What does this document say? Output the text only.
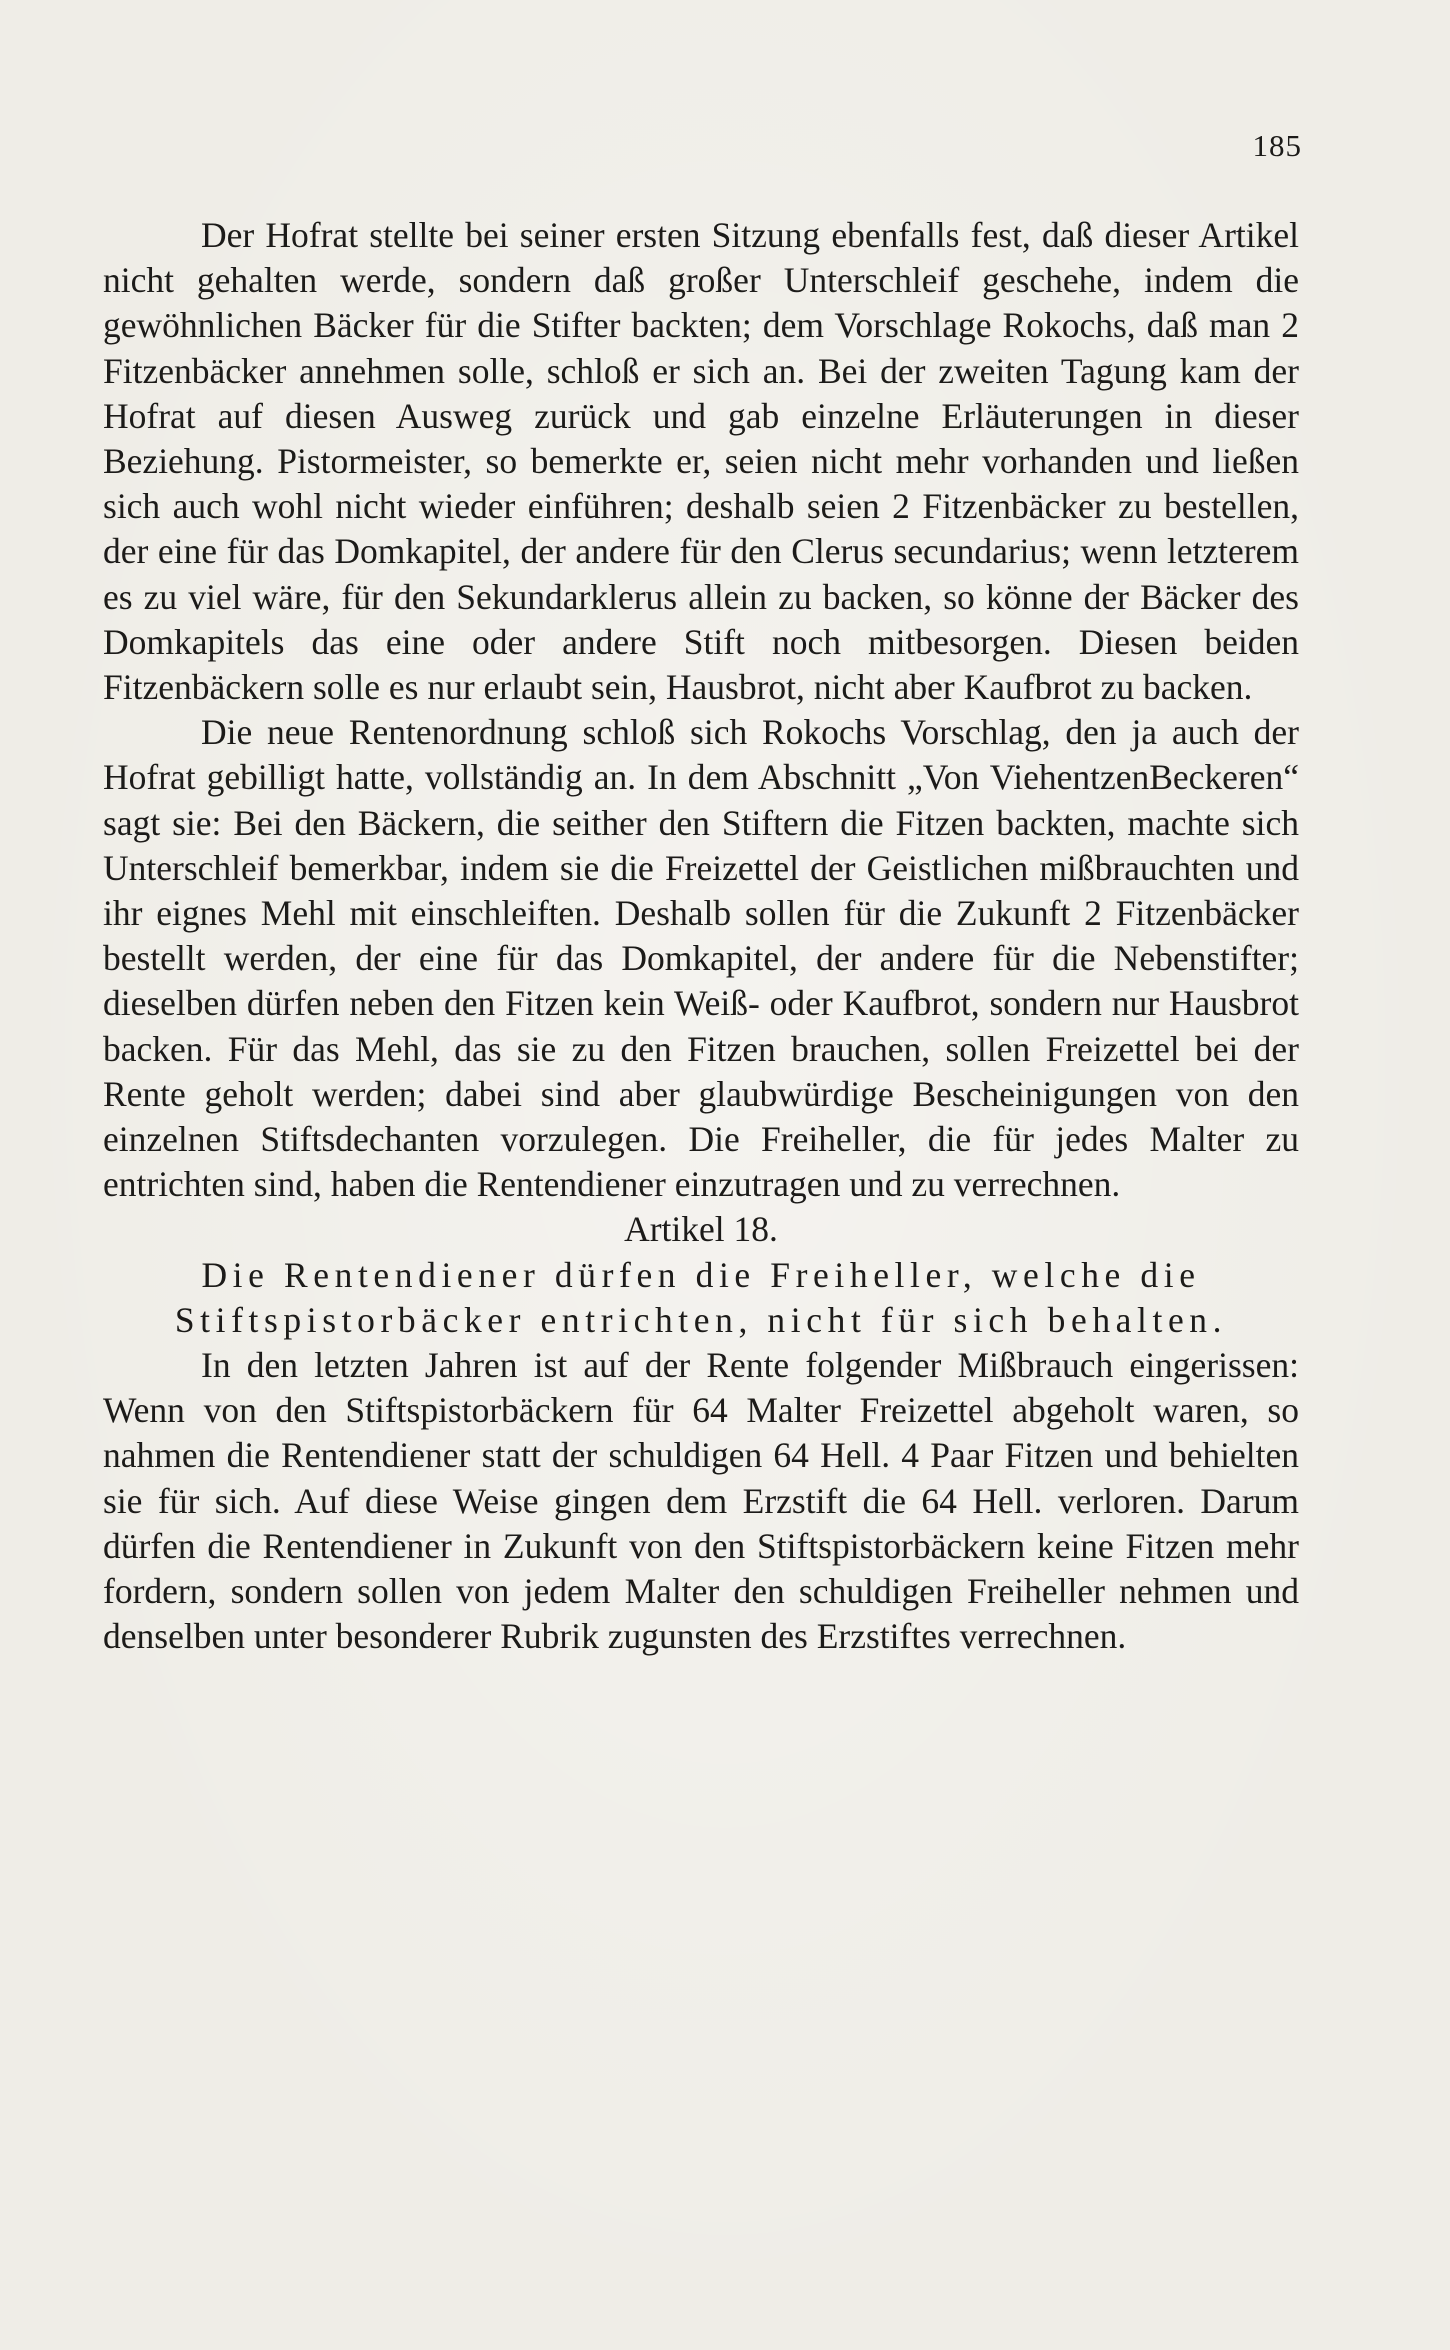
185

Der Hofrat stellte bei seiner ersten Sitzung ebenfalls fest, daß dieser Artikel nicht gehalten werde, sondern daß großer Unterschleif geschehe, indem die gewöhnlichen Bäcker für die Stifter backten; dem Vorschlage Rokochs, daß man 2 Fitzenbäcker annehmen solle, schloß er sich an. Bei der zweiten Tagung kam der Hofrat auf diesen Ausweg zurück und gab einzelne Erläuterungen in dieser Beziehung. Pistormeister, so bemerkte er, seien nicht mehr vorhanden und ließen sich auch wohl nicht wieder einführen; deshalb seien 2 Fitzenbäcker zu bestellen, der eine für das Domkapitel, der andere für den Clerus secundarius; wenn letzterem es zu viel wäre, für den Sekundarklerus allein zu backen, so könne der Bäcker des Domkapitels das eine oder andere Stift noch mitbesorgen. Diesen beiden Fitzenbäckern solle es nur erlaubt sein, Hausbrot, nicht aber Kaufbrot zu backen.

Die neue Rentenordnung schloß sich Rokochs Vorschlag, den ja auch der Hofrat gebilligt hatte, vollständig an. In dem Abschnitt „Von ViehentzenBeckeren“ sagt sie: Bei den Bäckern, die seither den Stiftern die Fitzen backten, machte sich Unterschleif bemerkbar, indem sie die Freizettel der Geistlichen mißbrauchten und ihr eignes Mehl mit einschleiften. Deshalb sollen für die Zukunft 2 Fitzenbäcker bestellt werden, der eine für das Domkapitel, der andere für die Nebenstifter; dieselben dürfen neben den Fitzen kein Weiß- oder Kaufbrot, sondern nur Hausbrot backen. Für das Mehl, das sie zu den Fitzen brauchen, sollen Freizettel bei der Rente geholt werden; dabei sind aber glaubwürdige Bescheinigungen von den einzelnen Stiftsdechanten vorzulegen. Die Freiheller, die für jedes Malter zu entrichten sind, haben die Rentendiener einzutragen und zu verrechnen.

Artikel 18.

Die Rentendiener dürfen die Freiheller, welche die Stiftspistorbäcker entrichten, nicht für sich behalten.

In den letzten Jahren ist auf der Rente folgender Mißbrauch eingerissen: Wenn von den Stiftspistorbäckern für 64 Malter Freizettel abgeholt waren, so nahmen die Rentendiener statt der schuldigen 64 Hell. 4 Paar Fitzen und behielten sie für sich. Auf diese Weise gingen dem Erzstift die 64 Hell. verloren. Darum dürfen die Rentendiener in Zukunft von den Stiftspistorbäckern keine Fitzen mehr fordern, sondern sollen von jedem Malter den schuldigen Freiheller nehmen und denselben unter besonderer Rubrik zugunsten des Erzstiftes verrechnen.
